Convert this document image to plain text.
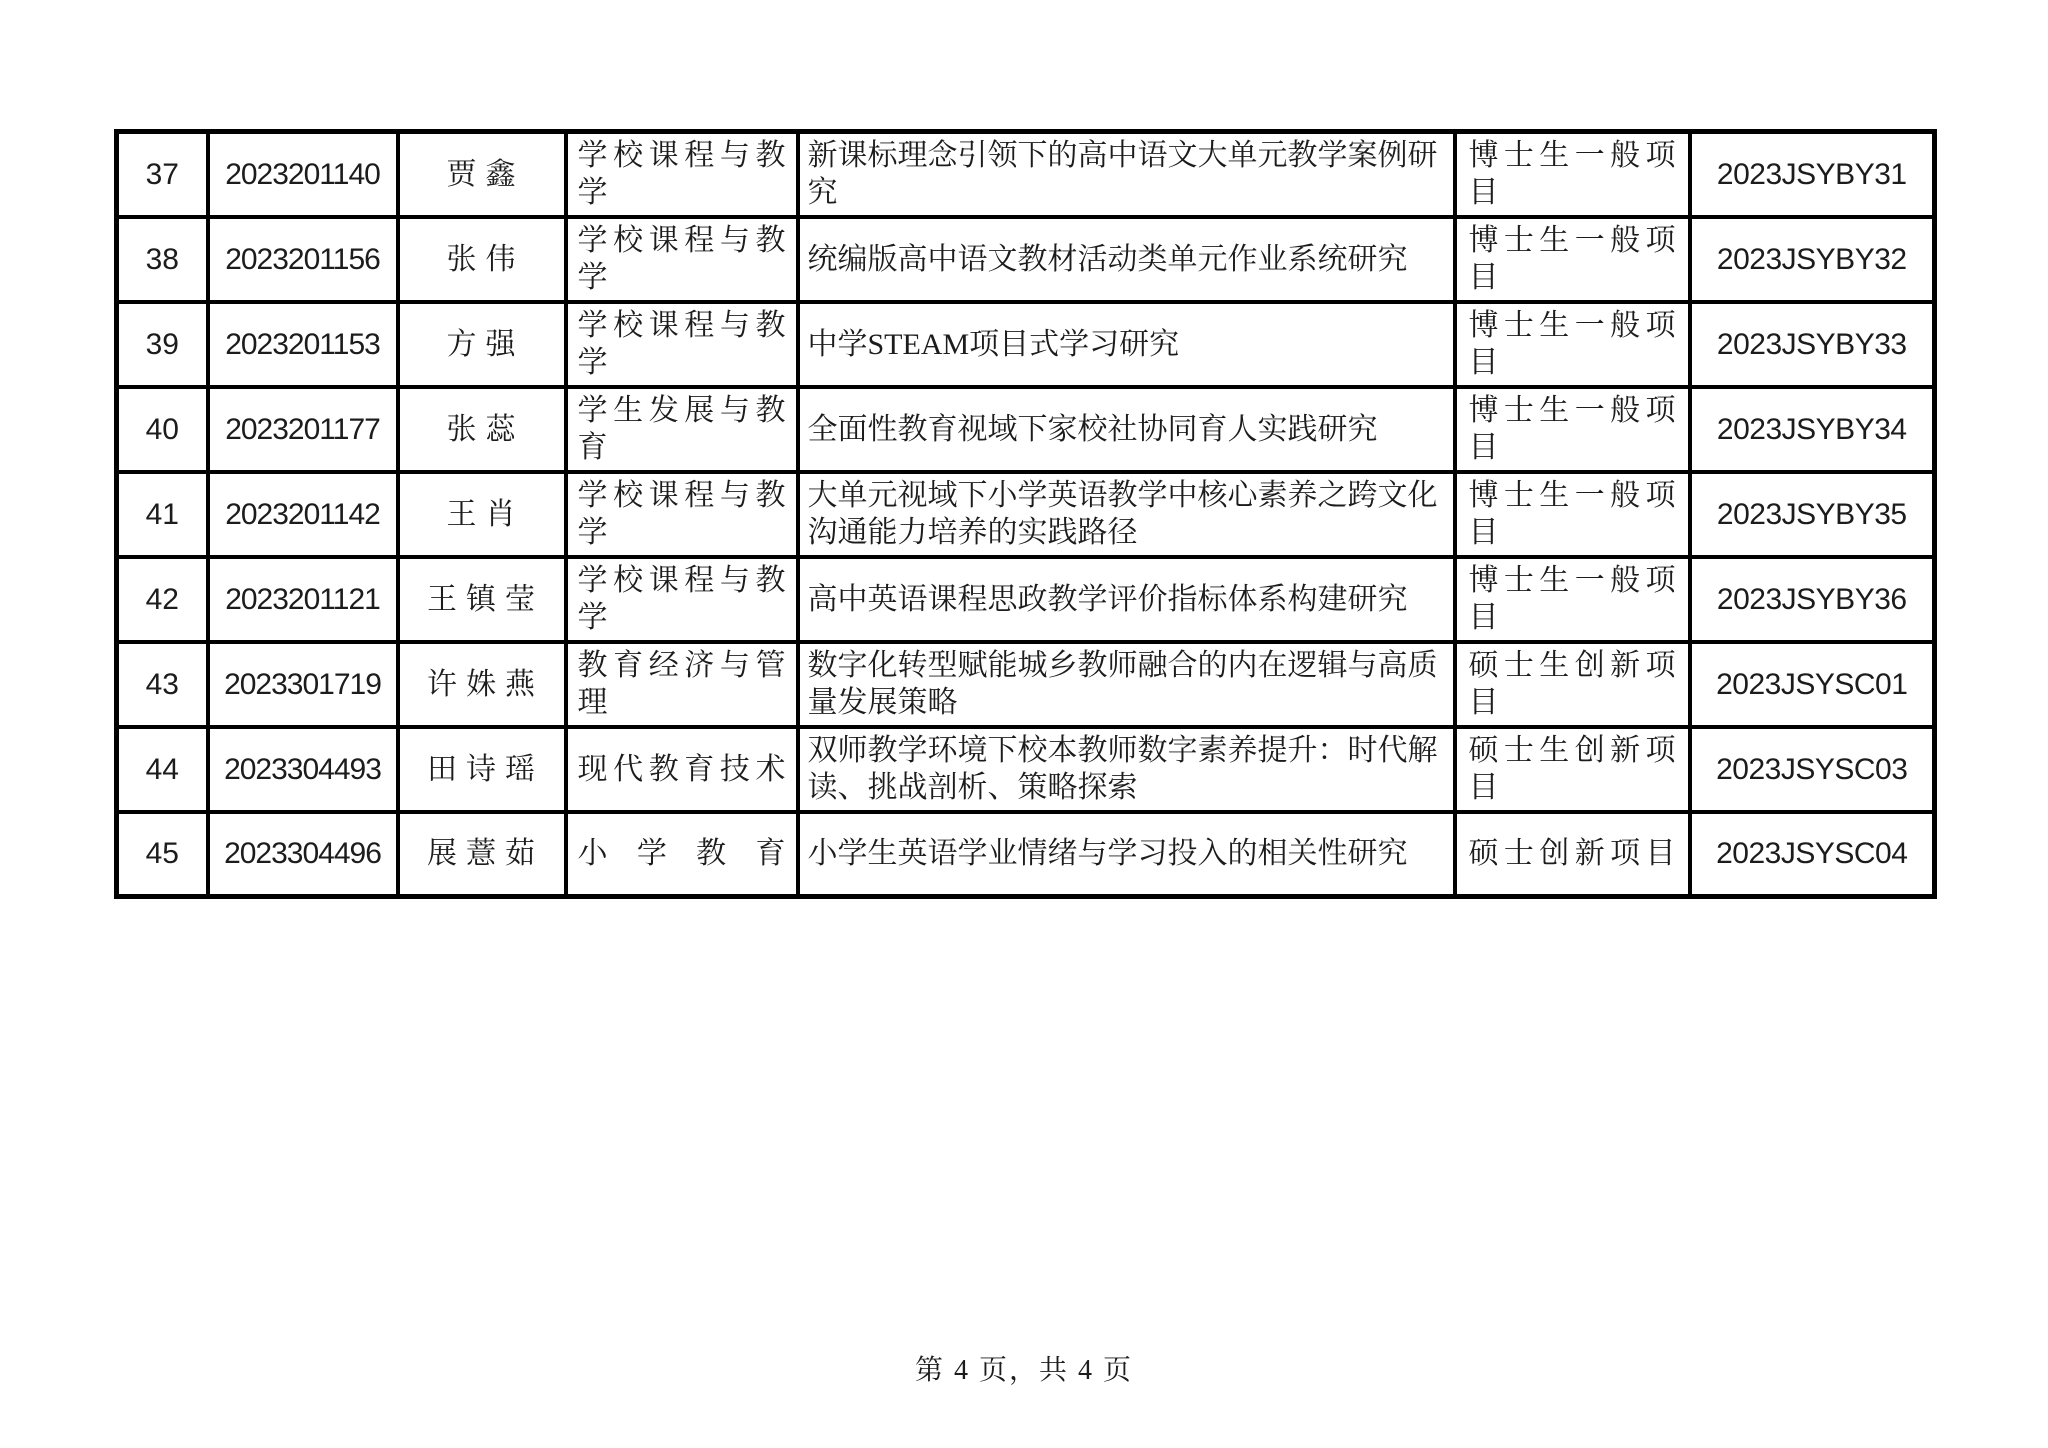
37	2023201140	贾鑫	学校课程与教学	新课标理念引领下的高中语文大单元教学案例研究	博士生一般项目	2023JSYBY31
38	2023201156	张伟	学校课程与教学	统编版高中语文教材活动类单元作业系统研究	博士生一般项目	2023JSYBY32
39	2023201153	方强	学校课程与教学	中学STEAM项目式学习研究	博士生一般项目	2023JSYBY33
40	2023201177	张蕊	学生发展与教育	全面性教育视域下家校社协同育人实践研究	博士生一般项目	2023JSYBY34
41	2023201142	王肖	学校课程与教学	大单元视域下小学英语教学中核心素养之跨文化沟通能力培养的实践路径	博士生一般项目	2023JSYBY35
42	2023201121	王镇莹	学校课程与教学	高中英语课程思政教学评价指标体系构建研究	博士生一般项目	2023JSYBY36
43	2023301719	许姝燕	教育经济与管理	数字化转型赋能城乡教师融合的内在逻辑与高质量发展策略	硕士生创新项目	2023JSYSC01
44	2023304493	田诗瑶	现代教育技术	双师教学环境下校本教师数字素养提升：时代解读、挑战剖析、策略探索	硕士生创新项目	2023JSYSC03
45	2023304496	展薏茹	小学教育	小学生英语学业情绪与学习投入的相关性研究	硕士创新项目	2023JSYSC04
第 4 页，共 4 页
